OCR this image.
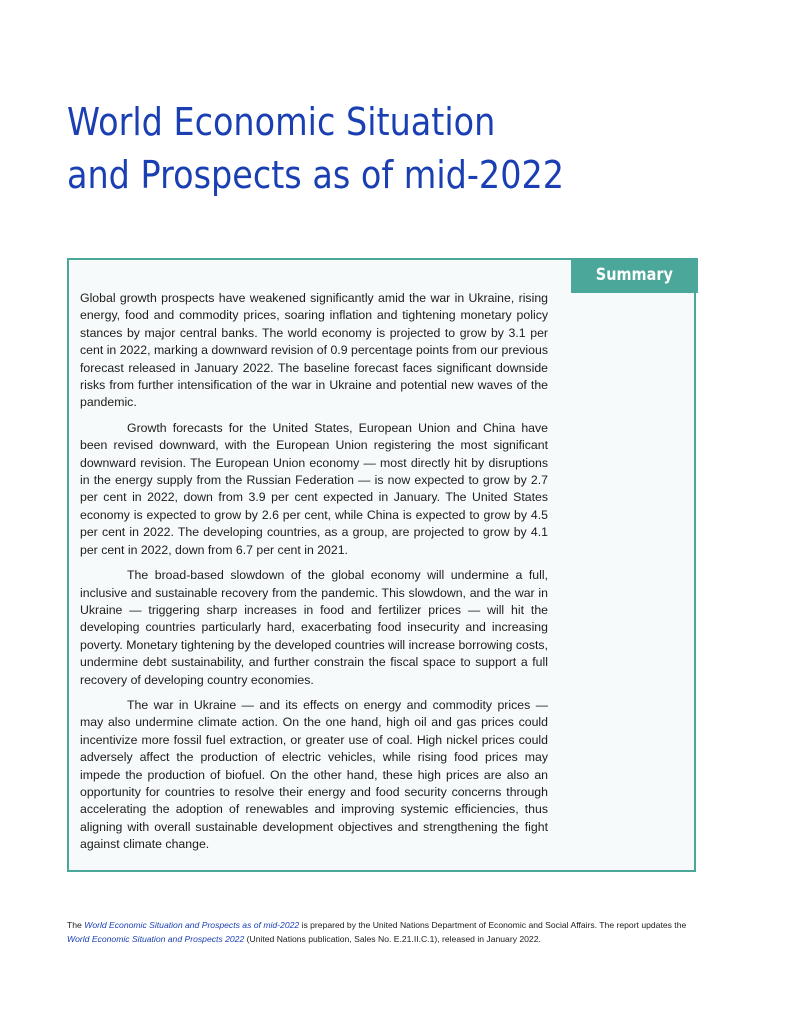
World Economic Situation
and Prospects as of mid-2022
Summary

Global growth prospects have weakened significantly amid the war in Ukraine, rising energy, food and commodity prices, soaring inflation and tightening monetary policy stances by major central banks. The world economy is projected to grow by 3.1 per cent in 2022, marking a downward revision of 0.9 percentage points from our previous forecast released in January 2022. The baseline forecast faces significant downside risks from further intensification of the war in Ukraine and potential new waves of the pandemic.

Growth forecasts for the United States, European Union and China have been revised downward, with the European Union registering the most significant downward revision. The European Union economy — most directly hit by disruptions in the energy supply from the Russian Federation — is now expected to grow by 2.7 per cent in 2022, down from 3.9 per cent expected in January. The United States economy is expected to grow by 2.6 per cent, while China is expected to grow by 4.5 per cent in 2022. The developing countries, as a group, are projected to grow by 4.1 per cent in 2022, down from 6.7 per cent in 2021.

The broad-based slowdown of the global economy will undermine a full, inclusive and sustainable recovery from the pandemic. This slowdown, and the war in Ukraine — triggering sharp increases in food and fertilizer prices — will hit the developing countries particularly hard, exacerbating food insecurity and increasing poverty. Monetary tightening by the developed countries will increase borrowing costs, undermine debt sustainability, and further constrain the fiscal space to support a full recovery of developing country economies.

The war in Ukraine — and its effects on energy and commodity prices — may also undermine climate action. On the one hand, high oil and gas prices could incentivize more fossil fuel extraction, or greater use of coal. High nickel prices could adversely affect the production of electric vehicles, while rising food prices may impede the production of biofuel. On the other hand, these high prices are also an opportunity for countries to resolve their energy and food security concerns through accelerating the adoption of renewables and improving systemic efficiencies, thus aligning with overall sustainable development objectives and strengthening the fight against climate change.

The World Economic Situation and Prospects as of mid-2022 is prepared by the United Nations Department of Economic and Social Affairs. The report updates the World Economic Situation and Prospects 2022 (United Nations publication, Sales No. E.21.II.C.1), released in January 2022.
